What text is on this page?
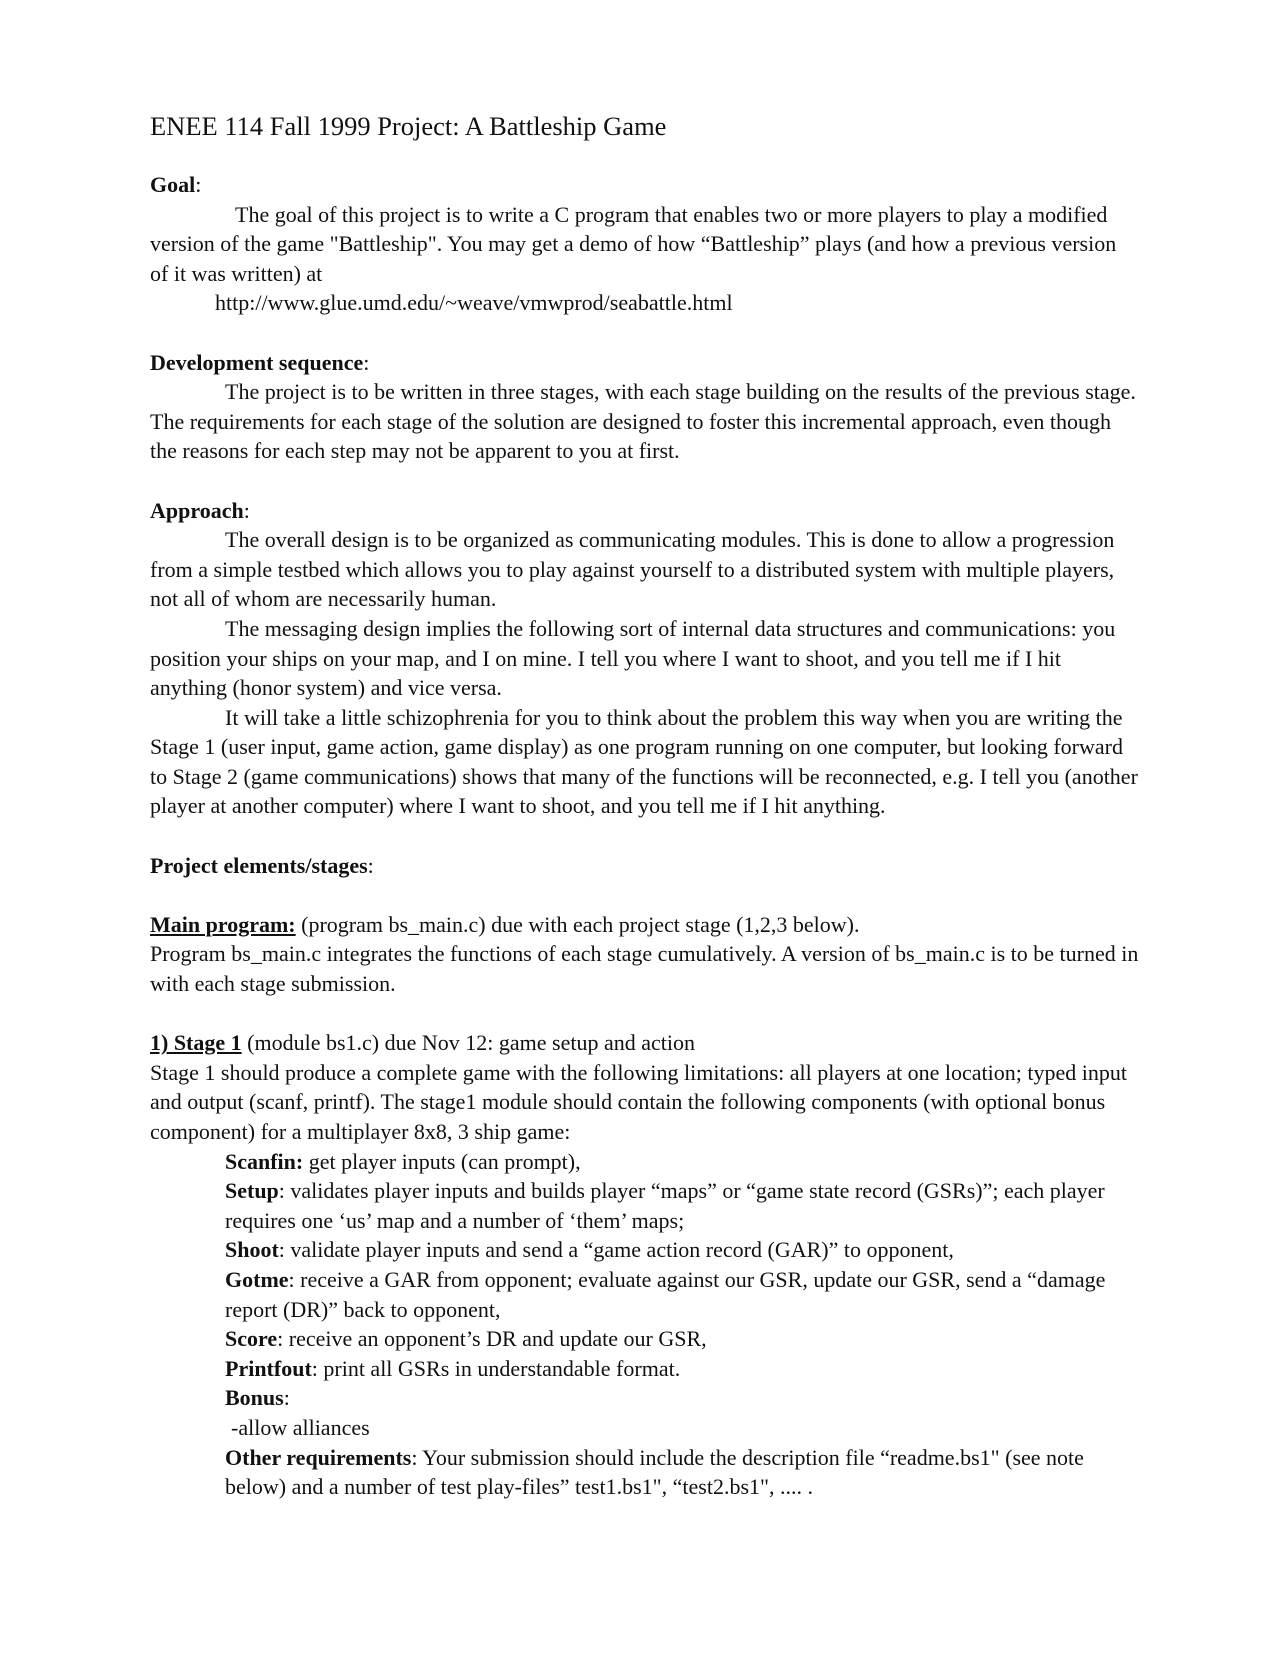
ENEE 114 Fall 1999 Project: A Battleship Game

Goal:

The goal of this project is to write a C program that enables two or more players to play a modified version of the game "Battleship". You may get a demo of how “Battleship” plays (and how a previous version of it was written) at

http://www.glue.umd.edu/~weave/vmwprod/seabattle.html

Development sequence:

The project is to be written in three stages, with each stage building on the results of the previous stage. The requirements for each stage of the solution are designed to foster this incremental approach, even though the reasons for each step may not be apparent to you at first.

Approach:

The overall design is to be organized as communicating modules. This is done to allow a progression from a simple testbed which allows you to play against yourself to a distributed system with multiple players, not all of whom are necessarily human.

The messaging design implies the following sort of internal data structures and communications: you position your ships on your map, and I on mine. I tell you where I want to shoot, and you tell me if I hit anything (honor system) and vice versa.

It will take a little schizophrenia for you to think about the problem this way when you are writing the Stage 1 (user input, game action, game display) as one program running on one computer, but looking forward to Stage 2 (game communications) shows that many of the functions will be reconnected, e.g. I tell you (another player at another computer) where I want to shoot, and you tell me if I hit anything.

Project elements/stages:

Main program: (program bs_main.c) due with each project stage (1,2,3 below).

Program bs_main.c integrates the functions of each stage cumulatively. A version of bs_main.c is to be turned in with each stage submission.

1) Stage 1 (module bs1.c) due Nov 12: game setup and action

Stage 1 should produce a complete game with the following limitations: all players at one location; typed input and output (scanf, printf). The stage1 module should contain the following components (with optional bonus component) for a multiplayer 8x8, 3 ship game:

Scanfin: get player inputs (can prompt),

Setup: validates player inputs and builds player “maps” or “game state record (GSRs)”; each player requires one ‘us’ map and a number of ‘them’ maps;

Shoot: validate player inputs and send a “game action record (GAR)” to opponent,

Gotme: receive a GAR from opponent; evaluate against our GSR, update our GSR, send a “damage report (DR)” back to opponent,

Score: receive an opponent’s DR and update our GSR,

Printfout: print all GSRs in understandable format.

Bonus:

-allow alliances

Other requirements: Your submission should include the description file “readme.bs1" (see note below) and a number of test play-files” test1.bs1", “test2.bs1", .... .
